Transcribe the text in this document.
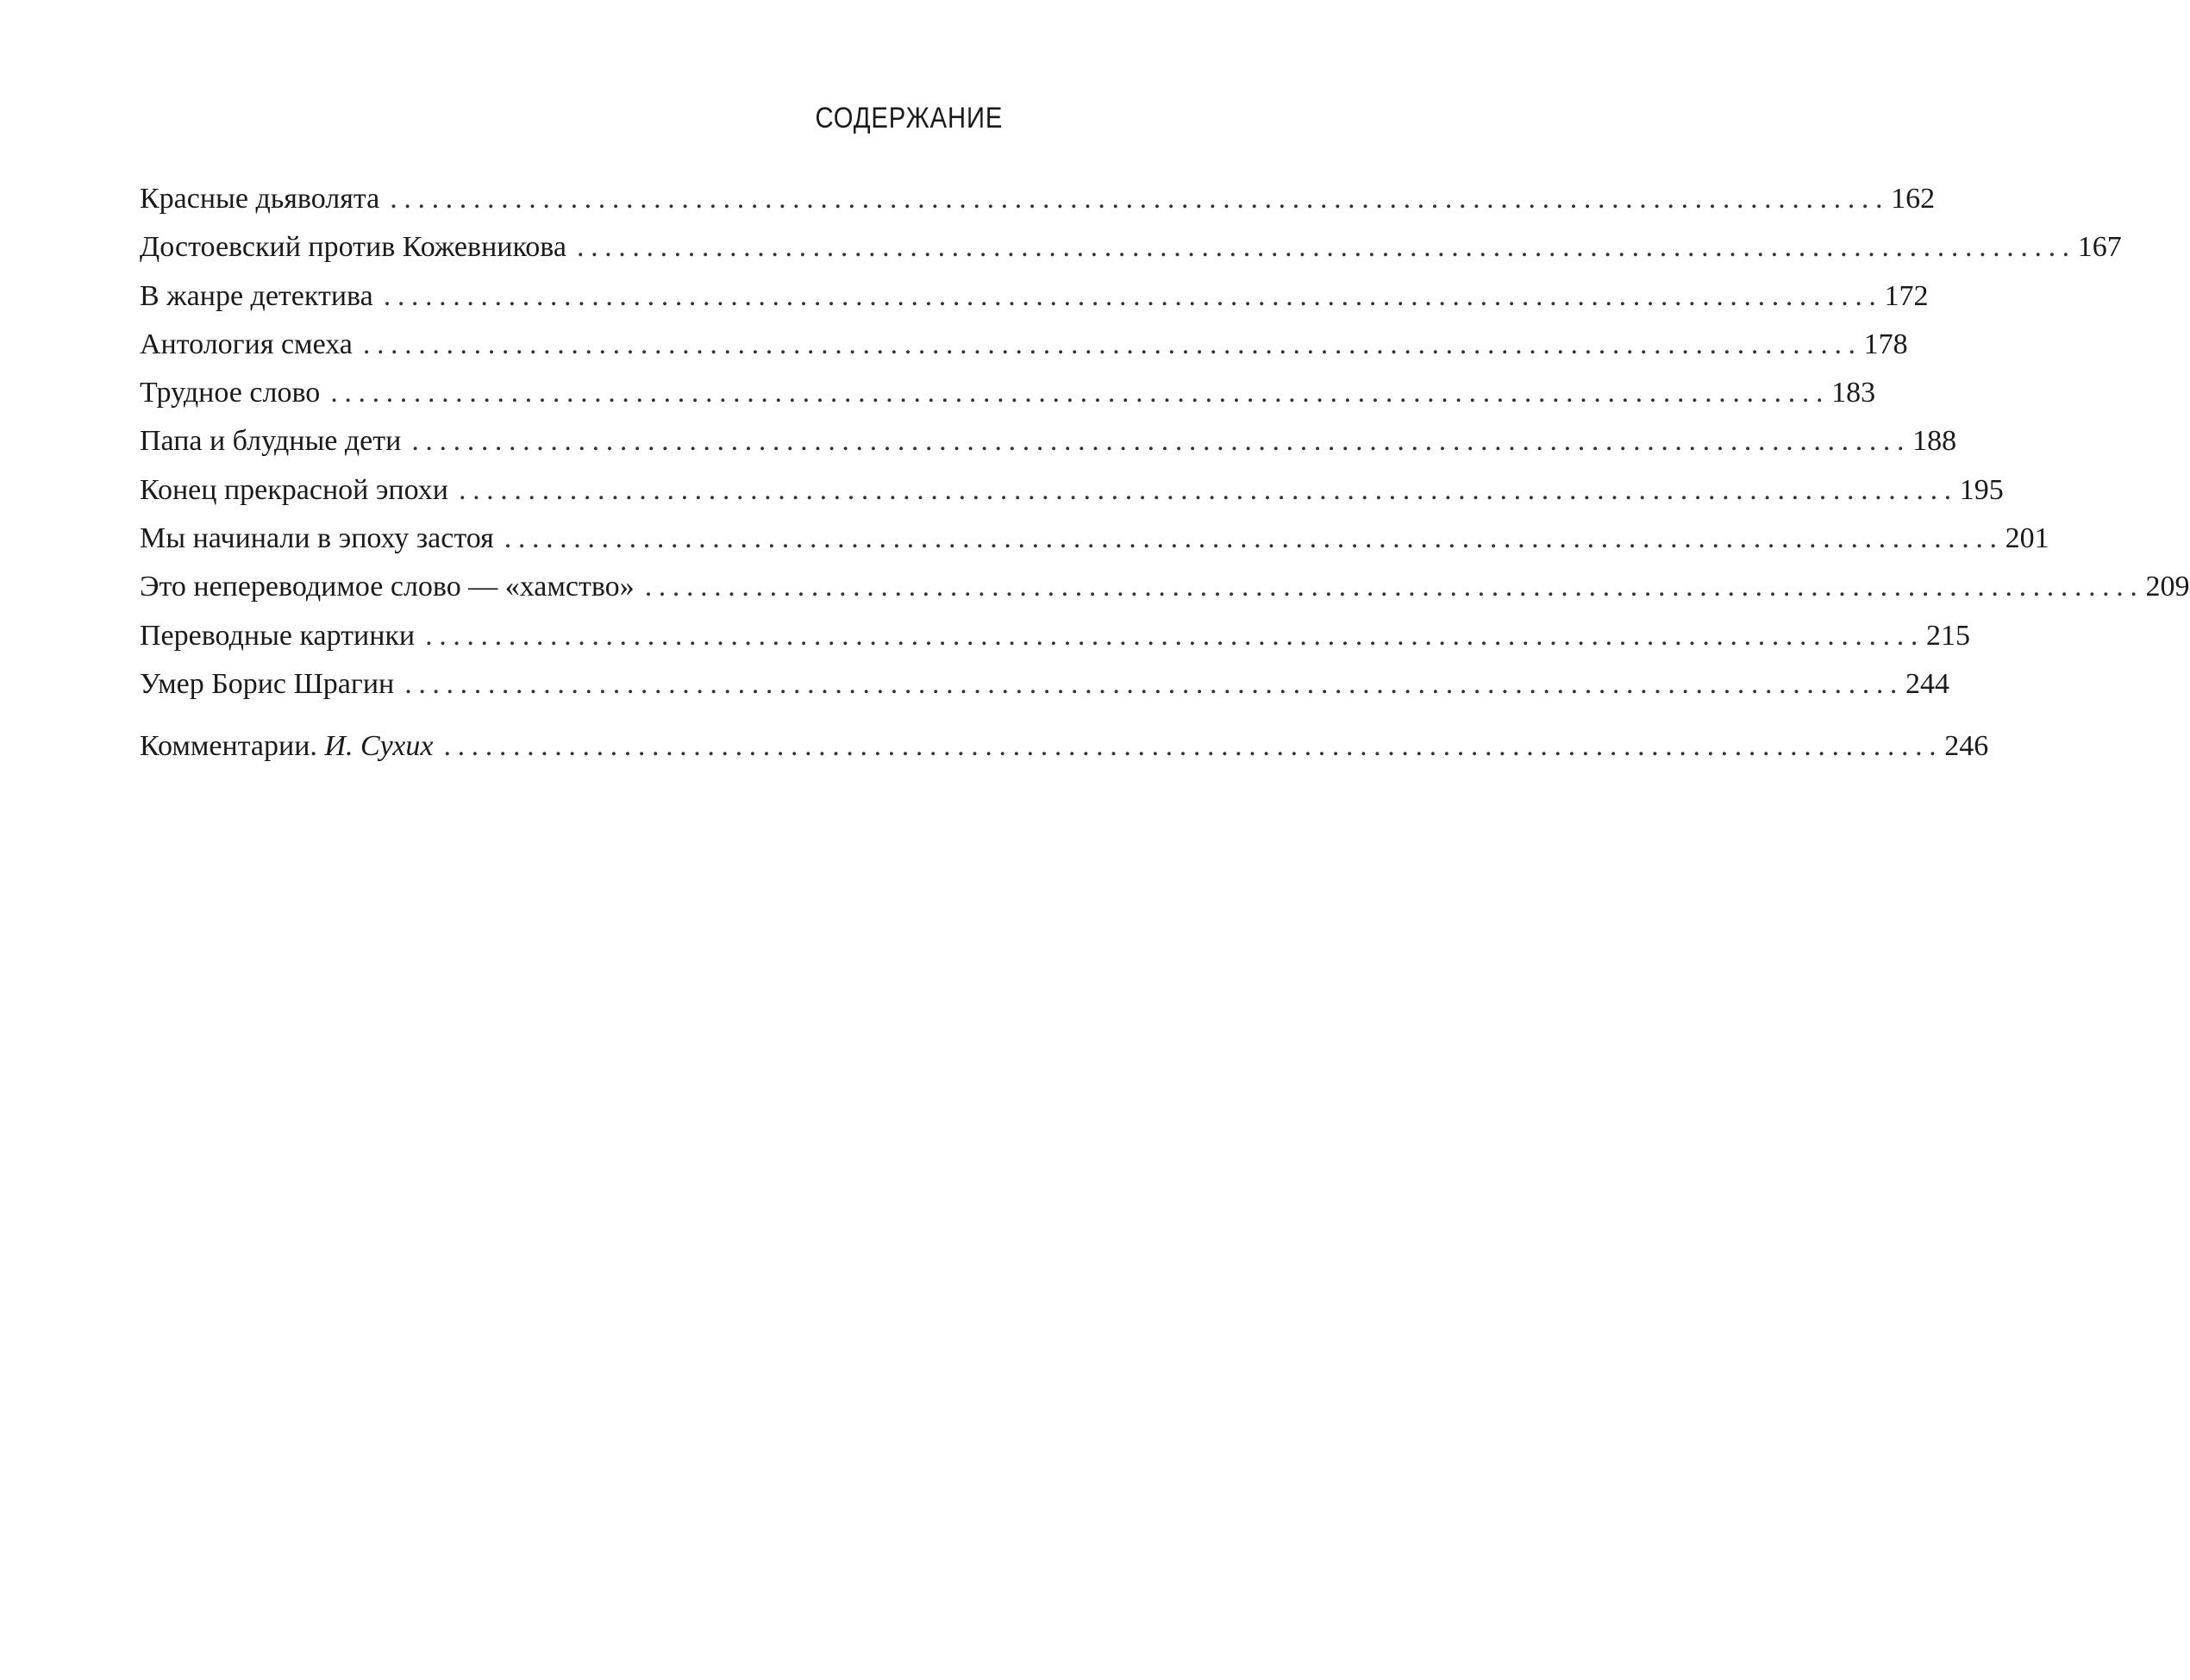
СОДЕРЖАНИЕ
Красные дьяволята ............................................................................................................ 162
Достоевский против Кожевникова ............................................................................................................ 167
В жанре детектива ............................................................................................................ 172
Антология смеха ............................................................................................................ 178
Трудное слово ............................................................................................................ 183
Папа и блудные дети ............................................................................................................ 188
Конец прекрасной эпохи ............................................................................................................ 195
Мы начинали в эпоху застоя ............................................................................................................ 201
Это непереводимое слово — «хамство» ............................................................................................................ 209
Переводные картинки ............................................................................................................ 215
Умер Борис Шрагин ............................................................................................................ 244
Комментарии. И. Сухих ............................................................................................................ 246
